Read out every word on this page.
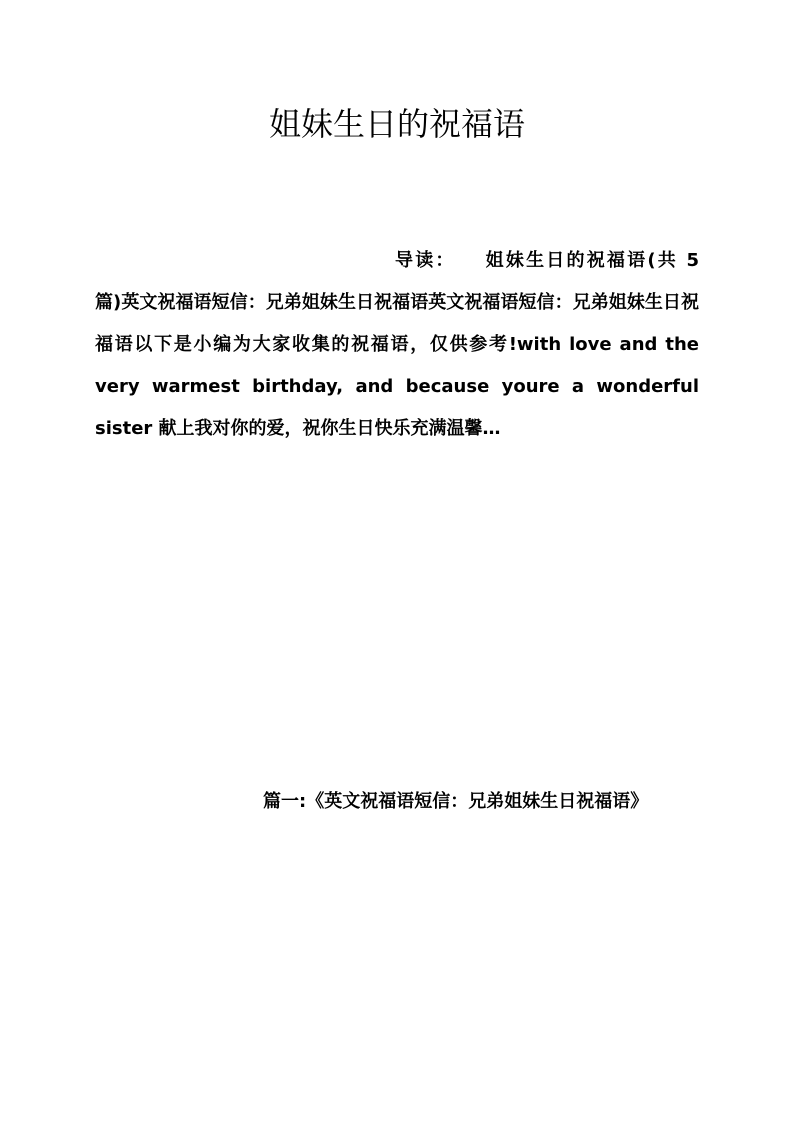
姐妹生日的祝福语
导读： 姐妹生日的祝福语(共 5 篇)英文祝福语短信：兄弟姐妹生日祝福语英文祝福语短信：兄弟姐妹生日祝福语以下是小编为大家收集的祝福语，仅供参考!with love and the very warmest birthday, and because youre a wonderful sister 献上我对你的爱，祝你生日快乐充满温馨…
篇一:《英文祝福语短信：兄弟姐妹生日祝福语》
